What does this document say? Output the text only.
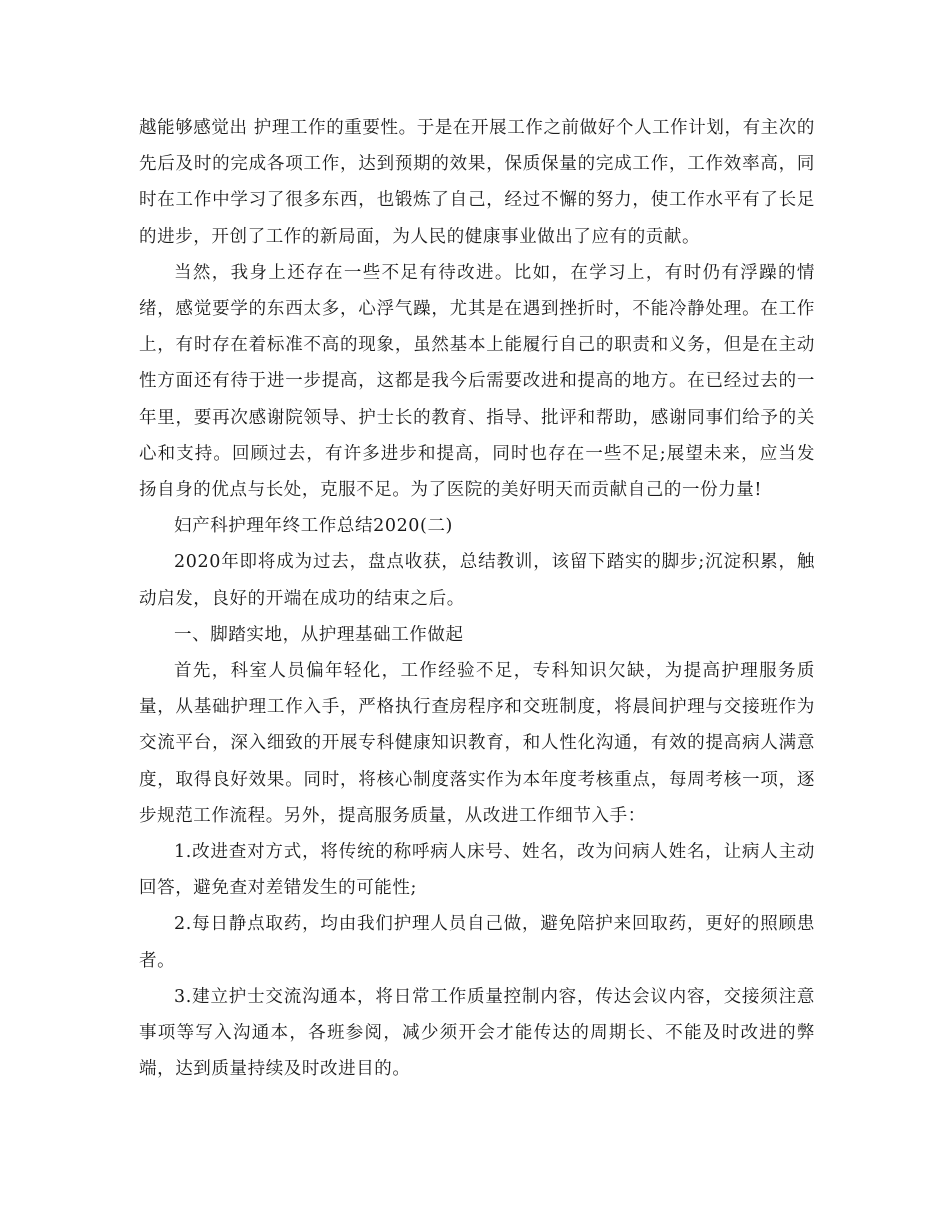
越能够感觉出 护理工作的重要性。于是在开展工作之前做好个人工作计划，有主次的先后及时的完成各项工作，达到预期的效果，保质保量的完成工作，工作效率高，同时在工作中学习了很多东西，也锻炼了自己，经过不懈的努力，使工作水平有了长足的进步，开创了工作的新局面，为人民的健康事业做出了应有的贡献。

当然，我身上还存在一些不足有待改进。比如，在学习上，有时仍有浮躁的情绪，感觉要学的东西太多，心浮气躁，尤其是在遇到挫折时，不能冷静处理。在工作上，有时存在着标准不高的现象，虽然基本上能履行自己的职责和义务，但是在主动性方面还有待于进一步提高，这都是我今后需要改进和提高的地方。在已经过去的一年里，要再次感谢院领导、护士长的教育、指导、批评和帮助，感谢同事们给予的关心和支持。回顾过去，有许多进步和提高，同时也存在一些不足;展望未来，应当发扬自身的优点与长处，克服不足。为了医院的美好明天而贡献自己的一份力量!

妇产科护理年终工作总结2020(二)

2020年即将成为过去，盘点收获，总结教训，该留下踏实的脚步;沉淀积累，触动启发，良好的开端在成功的结束之后。

一、脚踏实地，从护理基础工作做起

首先，科室人员偏年轻化，工作经验不足，专科知识欠缺，为提高护理服务质量，从基础护理工作入手，严格执行查房程序和交班制度，将晨间护理与交接班作为交流平台，深入细致的开展专科健康知识教育，和人性化沟通，有效的提高病人满意度，取得良好效果。同时，将核心制度落实作为本年度考核重点，每周考核一项，逐步规范工作流程。另外，提高服务质量，从改进工作细节入手：

1.改进查对方式，将传统的称呼病人床号、姓名，改为问病人姓名，让病人主动回答，避免查对差错发生的可能性;

2.每日静点取药，均由我们护理人员自己做，避免陪护来回取药，更好的照顾患者。

3.建立护士交流沟通本，将日常工作质量控制内容，传达会议内容，交接须注意事项等写入沟通本，各班参阅，减少须开会才能传达的周期长、不能及时改进的弊端，达到质量持续及时改进目的。
